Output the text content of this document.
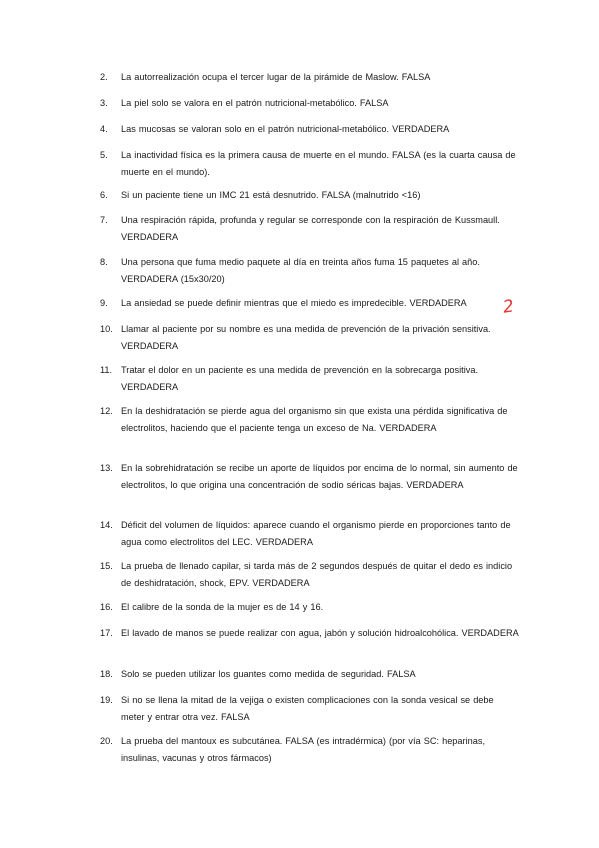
2.	La autorrealización ocupa el tercer lugar de la pirámide de Maslow. FALSA
3.	La piel solo se valora en el patrón nutricional-metabólico. FALSA
4.	Las mucosas se valoran solo en el patrón nutricional-metabólico. VERDADERA
5.	La inactividad física es la primera causa de muerte en el mundo. FALSA (es la cuarta causa de muerte en el mundo).
6.	Si un paciente tiene un IMC 21 está desnutrido. FALSA (malnutrido <16)
7.	Una respiración rápida, profunda y regular se corresponde con la respiración de Kussmaull. VERDADERA
8.	Una persona que fuma medio paquete al día en treinta años fuma 15 paquetes al año. VERDADERA (15x30/20)
9.	La ansiedad se puede definir mientras que el miedo es impredecible. VERDADERA
10. Llamar al paciente por su nombre es una medida de prevención de la privación sensitiva. VERDADERA
11. Tratar el dolor en un paciente es una medida de prevención en la sobrecarga positiva. VERDADERA
12. En la deshidratación se pierde agua del organismo sin que exista una pérdida significativa de electrolitos, haciendo que el paciente tenga un exceso de Na. VERDADERA
13. En la sobrehidratación se recibe un aporte de líquidos por encima de lo normal, sin aumento de electrolitos, lo que origina una concentración de sodio séricas bajas. VERDADERA
14. Déficit del volumen de líquidos: aparece cuando el organismo pierde en proporciones tanto de agua como electrolitos del LEC. VERDADERA
15. La prueba de llenado capilar, si tarda más de 2 segundos después de quitar el dedo es indicio de deshidratación, shock, EPV. VERDADERA
16. El calibre de la sonda de la mujer es de 14 y 16.
17. El lavado de manos se puede realizar con agua, jabón y solución hidroalcohólica. VERDADERA
18. Solo se pueden utilizar los guantes como medida de seguridad. FALSA
19. Si no se llena la mitad de la vejiga o existen complicaciones con la sonda vesical se debe meter y entrar otra vez. FALSA
20. La prueba del mantoux es subcutánea. FALSA (es intradérmica) (por vía SC: heparinas, insulinas, vacunas y otros fármacos)
2
